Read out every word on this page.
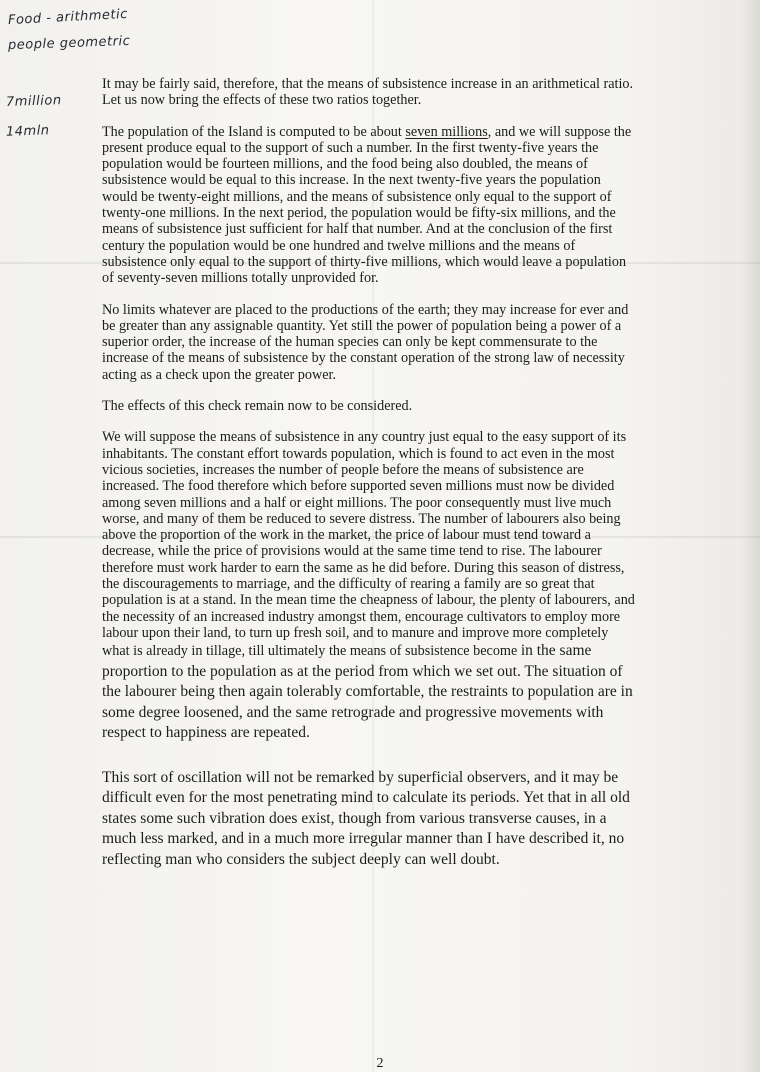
Food - arithmetic
people geometric
7million
14mln

It may be fairly said, therefore, that the means of subsistence increase in an arithmetical ratio. Let us now bring the effects of these two ratios together.

The population of the Island is computed to be about seven millions, and we will suppose the present produce equal to the support of such a number. In the first twenty-five years the population would be fourteen millions, and the food being also doubled, the means of subsistence would be equal to this increase. In the next twenty-five years the population would be twenty-eight millions, and the means of subsistence only equal to the support of twenty-one millions. In the next period, the population would be fifty-six millions, and the means of subsistence just sufficient for half that number. And at the conclusion of the first century the population would be one hundred and twelve millions and the means of subsistence only equal to the support of thirty-five millions, which would leave a population of seventy-seven millions totally unprovided for.

No limits whatever are placed to the productions of the earth; they may increase for ever and be greater than any assignable quantity. Yet still the power of population being a power of a superior order, the increase of the human species can only be kept commensurate to the increase of the means of subsistence by the constant operation of the strong law of necessity acting as a check upon the greater power.

The effects of this check remain now to be considered.

We will suppose the means of subsistence in any country just equal to the easy support of its inhabitants. The constant effort towards population, which is found to act even in the most vicious societies, increases the number of people before the means of subsistence are increased. The food therefore which before supported seven millions must now be divided among seven millions and a half or eight millions. The poor consequently must live much worse, and many of them be reduced to severe distress. The number of labourers also being above the proportion of the work in the market, the price of labour must tend toward a decrease, while the price of provisions would at the same time tend to rise. The labourer therefore must work harder to earn the same as he did before. During this season of distress, the discouragements to marriage, and the difficulty of rearing a family are so great that population is at a stand. In the mean time the cheapness of labour, the plenty of labourers, and the necessity of an increased industry amongst them, encourage cultivators to employ more labour upon their land, to turn up fresh soil, and to manure and improve more completely what is already in tillage, till ultimately the means of subsistence become in the same proportion to the population as at the period from which we set out. The situation of the labourer being then again tolerably comfortable, the restraints to population are in some degree loosened, and the same retrograde and progressive movements with respect to happiness are repeated.

This sort of oscillation will not be remarked by superficial observers, and it may be difficult even for the most penetrating mind to calculate its periods. Yet that in all old states some such vibration does exist, though from various transverse causes, in a much less marked, and in a much more irregular manner than I have described it, no reflecting man who considers the subject deeply can well doubt.

2
